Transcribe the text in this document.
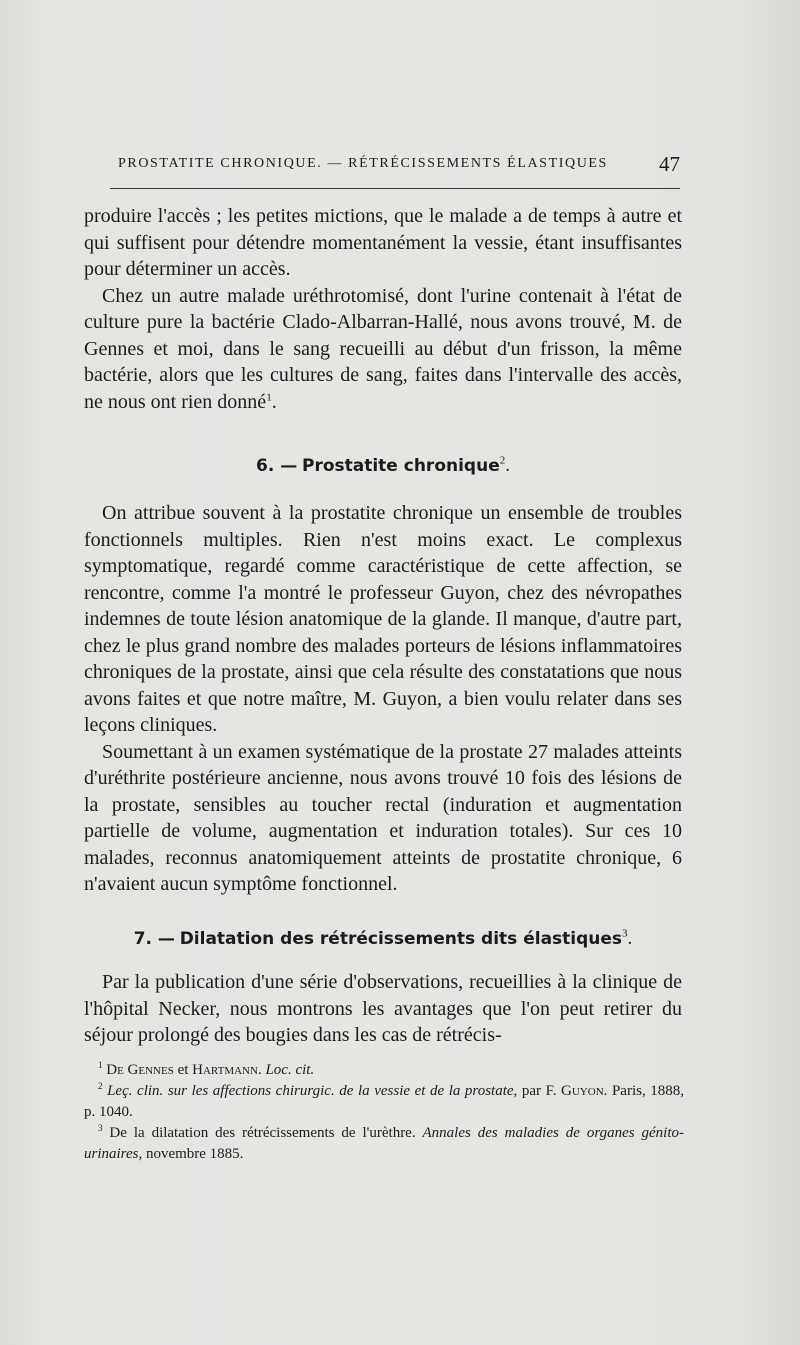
PROSTATITE CHRONIQUE. — RÉTRÉCISSEMENTS ÉLASTIQUES 47

produire l'accès ; les petites mictions, que le malade a de temps à autre et qui suffisent pour détendre momentanément la vessie, étant insuffisantes pour déterminer un accès.

Chez un autre malade uréthrotomisé, dont l'urine contenait à l'état de culture pure la bactérie Clado-Albarran-Hallé, nous avons trouvé, M. de Gennes et moi, dans le sang recueilli au début d'un frisson, la même bactérie, alors que les cultures de sang, faites dans l'intervalle des accès, ne nous ont rien donné$^1$.

6. — Prostatite chronique$^2$.

On attribue souvent à la prostatite chronique un ensemble de troubles fonctionnels multiples. Rien n'est moins exact. Le complexus symptomatique, regardé comme caractéristique de cette affection, se rencontre, comme l'a montré le professeur Guyon, chez des névropathes indemnes de toute lésion anatomique de la glande. Il manque, d'autre part, chez le plus grand nombre des malades porteurs de lésions inflammatoires chroniques de la prostate, ainsi que cela résulte des constatations que nous avons faites et que notre maître, M. Guyon, a bien voulu relater dans ses leçons cliniques.

Soumettant à un examen systématique de la prostate 27 malades atteints d'uréthrite postérieure ancienne, nous avons trouvé 10 fois des lésions de la prostate, sensibles au toucher rectal (induration et augmentation partielle de volume, augmentation et induration totales). Sur ces 10 malades, reconnus anatomiquement atteints de prostatite chronique, 6 n'avaient aucun symptôme fonctionnel.

7. — Dilatation des rétrécissements dits élastiques$^3$.

Par la publication d'une série d'observations, recueillies à la clinique de l'hôpital Necker, nous montrons les avantages que l'on peut retirer du séjour prolongé des bougies dans les cas de rétrécis-

$^1$ De Gennes et Hartmann. Loc. cit.

$^2$ Leç. clin. sur les affections chirurgic. de la vessie et de la prostate, par F. Guyon. Paris, 1888, p. 1040.

$^3$ De la dilatation des rétrécissements de l'urèthre. Annales des maladies de organes génito-urinaires, novembre 1885.
